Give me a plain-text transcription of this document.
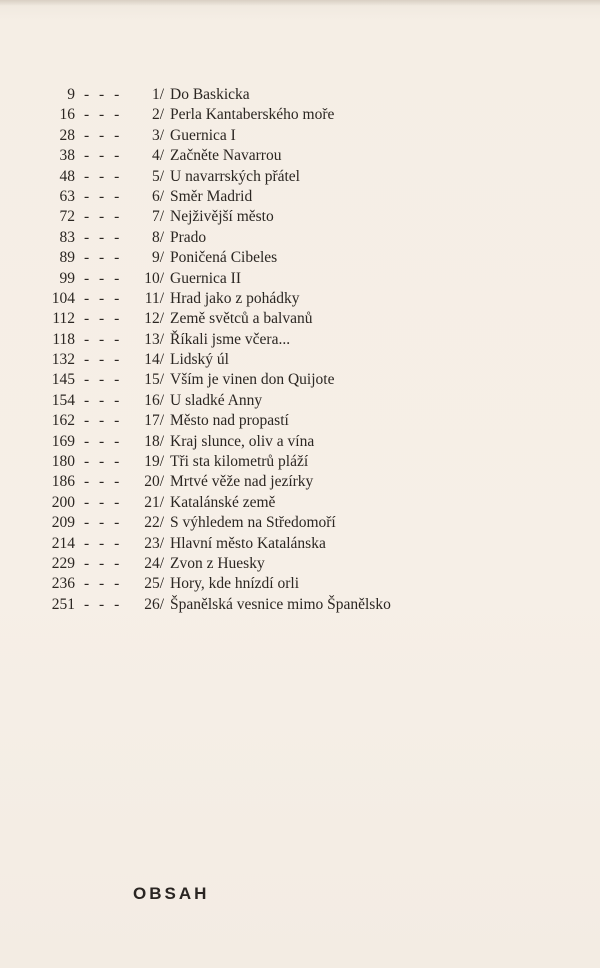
9 - - - 1/ Do Baskicka
16 - - - 2/ Perla Kantaberského moře
28 - - - 3/ Guernica I
38 - - - 4/ Začněte Navarrou
48 - - - 5/ U navarrských přátel
63 - - - 6/ Směr Madrid
72 - - - 7/ Nejživější město
83 - - - 8/ Prado
89 - - - 9/ Poničená Cibeles
99 - - - 10/ Guernica II
104 - - - 11/ Hrad jako z pohádky
112 - - - 12/ Země světců a balvanů
118 - - - 13/ Říkali jsme včera...
132 - - - 14/ Lidský úl
145 - - - 15/ Vším je vinen don Quijote
154 - - - 16/ U sladké Anny
162 - - - 17/ Město nad propastí
169 - - - 18/ Kraj slunce, oliv a vína
180 - - - 19/ Tři sta kilometrů pláží
186 - - - 20/ Mrtvé věže nad jezírky
200 - - - 21/ Katalánské země
209 - - - 22/ S výhledem na Středomoří
214 - - - 23/ Hlavní město Katalánska
229 - - - 24/ Zvon z Huesky
236 - - - 25/ Hory, kde hnízdí orli
251 - - - 26/ Španělská vesnice mimo Španělsko
OBSAH
